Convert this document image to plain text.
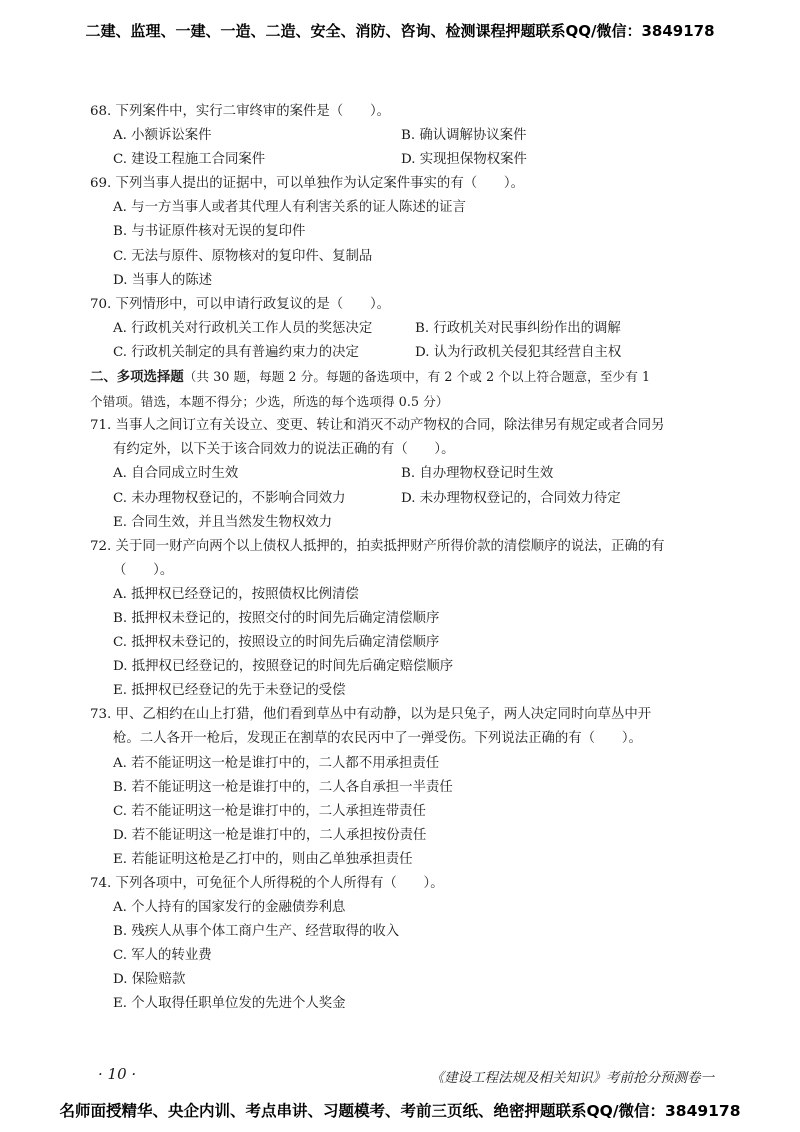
二建、监理、一建、一造、二造、安全、消防、咨询、检测课程押题联系QQ/微信：3849178
68. 下列案件中，实行二审终审的案件是（　　）。
A. 小额诉讼案件	B. 确认调解协议案件
C. 建设工程施工合同案件	D. 实现担保物权案件
69. 下列当事人提出的证据中，可以单独作为认定案件事实的有（　　）。
A. 与一方当事人或者其代理人有利害关系的证人陈述的证言
B. 与书证原件核对无误的复印件
C. 无法与原件、原物核对的复印件、复制品
D. 当事人的陈述
70. 下列情形中，可以申请行政复议的是（　　）。
A. 行政机关对行政机关工作人员的奖惩决定	B. 行政机关对民事纠纷作出的调解
C. 行政机关制定的具有普遍约束力的决定	D. 认为行政机关侵犯其经营自主权
二、多项选择题（共 30 题，每题 2 分。每题的备选项中，有 2 个或 2 个以上符合题意，至少有 1
个错项。错选，本题不得分；少选，所选的每个选项得 0.5 分）
71. 当事人之间订立有关设立、变更、转让和消灭不动产物权的合同，除法律另有规定或者合同另
有约定外，以下关于该合同效力的说法正确的有（　　）。
A. 自合同成立时生效	B. 自办理物权登记时生效
C. 未办理物权登记的，不影响合同效力	D. 未办理物权登记的，合同效力待定
E. 合同生效，并且当然发生物权效力
72. 关于同一财产向两个以上债权人抵押的，拍卖抵押财产所得价款的清偿顺序的说法，正确的有
（　　）。
A. 抵押权已经登记的，按照债权比例清偿
B. 抵押权未登记的，按照交付的时间先后确定清偿顺序
C. 抵押权未登记的，按照设立的时间先后确定清偿顺序
D. 抵押权已经登记的，按照登记的时间先后确定赔偿顺序
E. 抵押权已经登记的先于未登记的受偿
73. 甲、乙相约在山上打猎，他们看到草丛中有动静，以为是只兔子，两人决定同时向草丛中开
枪。二人各开一枪后，发现正在割草的农民丙中了一弹受伤。下列说法正确的有（　　）。
A. 若不能证明这一枪是谁打中的，二人都不用承担责任
B. 若不能证明这一枪是谁打中的，二人各自承担一半责任
C. 若不能证明这一枪是谁打中的，二人承担连带责任
D. 若不能证明这一枪是谁打中的，二人承担按份责任
E. 若能证明这枪是乙打中的，则由乙单独承担责任
74. 下列各项中，可免征个人所得税的个人所得有（　　）。
A. 个人持有的国家发行的金融债券利息
B. 残疾人从事个体工商户生产、经营取得的收入
C. 军人的转业费
D. 保险赔款
E. 个人取得任职单位发的先进个人奖金
· 10 ·	《建设工程法规及相关知识》考前抢分预测卷一
名师面授精华、央企内训、考点串讲、习题模考、考前三页纸、绝密押题联系QQ/微信：3849178
